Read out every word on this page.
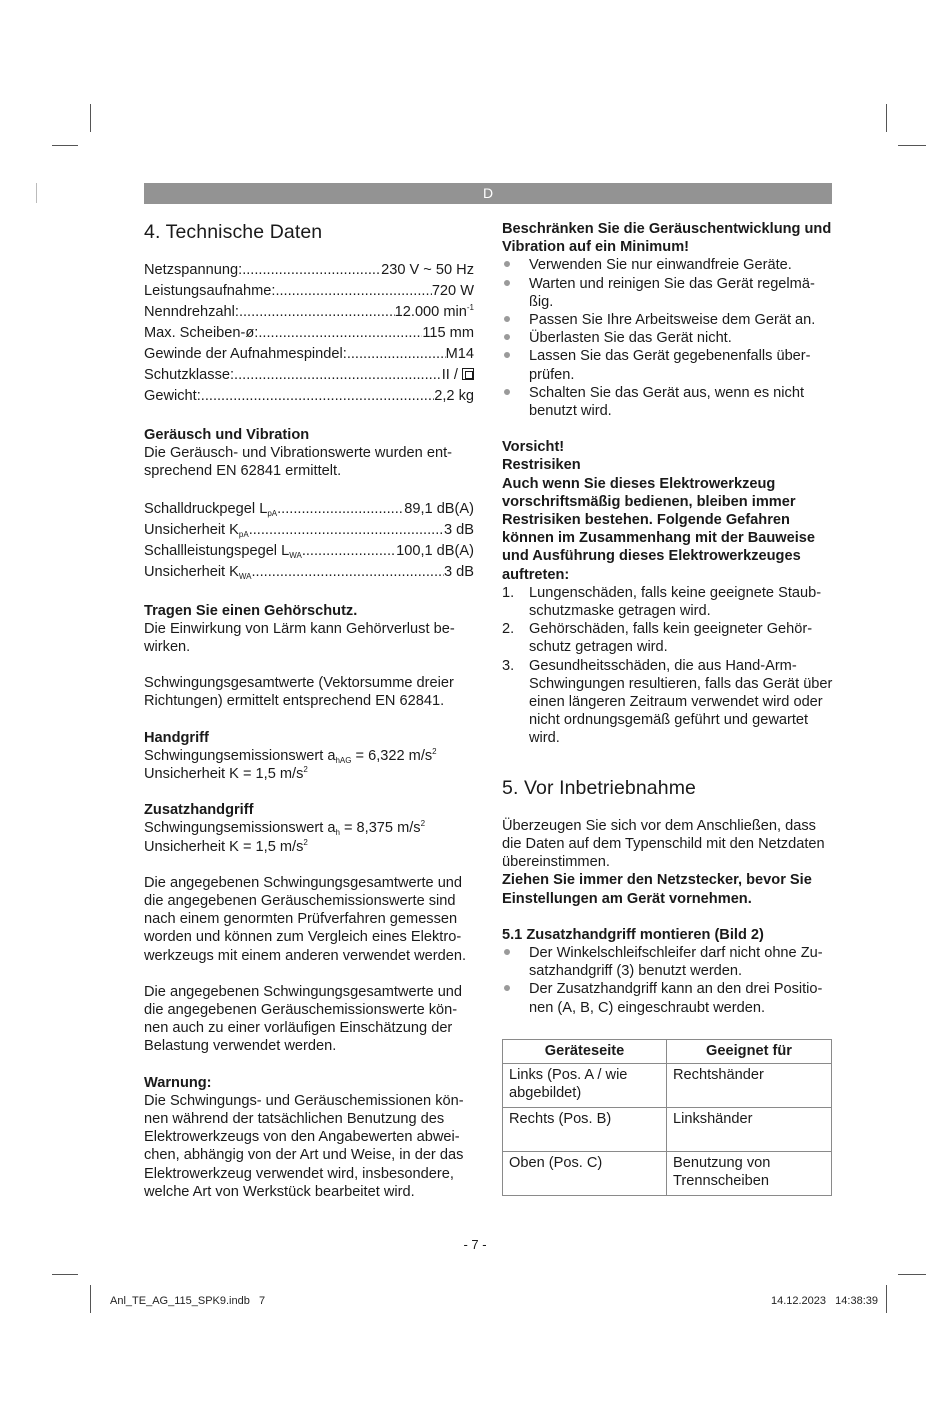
D
4. Technische Daten
Netzspannung: .....	230 V ~ 50 Hz
Leistungsaufnahme: .....	720 W
Nenndrehzahl: .....	12.000 $\min^{-1}$
Max. Scheiben-ø: .....	115 mm
Gewinde der Aufnahmespindel: .....	M14
Schutzklasse: .....	II /
Gewicht: .....	2,2 kg
Geräusch und Vibration
Die Geräusch- und Vibrationswerte wurden entsprechend EN 62841 ermittelt.
Schalldruckpegel $L_{pA}$ .....	89,1 dB(A)
Unsicherheit $K_{pA}$ .....	3 dB
Schallleistungspegel $L_{WA}$ .....	100,1 dB(A)
Unsicherheit $K_{WA}$ .....	3 dB
Tragen Sie einen Gehörschutz.
Die Einwirkung von Lärm kann Gehörverlust bewirken.
Schwingungsgesamtwerte (Vektorsumme dreier Richtungen) ermittelt entsprechend EN 62841.
Handgriff
Schwingungsemissionswert $a_{hAG} = 6,322$ $m/s^2$
Unsicherheit K = 1,5 $m/s^2$
Zusatzhandgriff
Schwingungsemissionswert $a_h = 8,375$ $m/s^2$
Unsicherheit K = 1,5 $m/s^2$
Die angegebenen Schwingungsgesamtwerte und die angegebenen Geräuschemissionswerte sind nach einem genormten Prüfverfahren gemessen worden und können zum Vergleich eines Elektrowerkzeugs mit einem anderen verwendet werden.
Die angegebenen Schwingungsgesamtwerte und die angegebenen Geräuschemissionswerte können auch zu einer vorläufigen Einschätzung der Belastung verwendet werden.
Warnung:
Die Schwingungs- und Geräuschemissionen können während der tatsächlichen Benutzung des Elektrowerkzeugs von den Angabewerten abweichen, abhängig von der Art und Weise, in der das Elektrowerkzeug verwendet wird, insbesondere, welche Art von Werkstück bearbeitet wird.
Beschränken Sie die Geräuschentwicklung und Vibration auf ein Minimum!
Verwenden Sie nur einwandfreie Geräte.
Warten und reinigen Sie das Gerät regelmäßig.
Passen Sie Ihre Arbeitsweise dem Gerät an.
Überlasten Sie das Gerät nicht.
Lassen Sie das Gerät gegebenenfalls überprüfen.
Schalten Sie das Gerät aus, wenn es nicht benutzt wird.
Vorsicht!
Restrisiken
Auch wenn Sie dieses Elektrowerkzeug vorschriftsmäßig bedienen, bleiben immer Restrisiken bestehen. Folgende Gefahren können im Zusammenhang mit der Bauweise und Ausführung dieses Elektrowerkzeuges auftreten:
1. Lungenschäden, falls keine geeignete Staubschutzmaske getragen wird.
2. Gehörschäden, falls kein geeigneter Gehörschutz getragen wird.
3. Gesundheitsschäden, die aus Hand-Arm-Schwingungen resultieren, falls das Gerät über einen längeren Zeitraum verwendet wird oder nicht ordnungsgemäß geführt und gewartet wird.
5. Vor Inbetriebnahme
Überzeugen Sie sich vor dem Anschließen, dass die Daten auf dem Typenschild mit den Netzdaten übereinstimmen.
Ziehen Sie immer den Netzstecker, bevor Sie Einstellungen am Gerät vornehmen.
5.1 Zusatzhandgriff montieren (Bild 2)
Der Winkelschleifschleifer darf nicht ohne Zusatzhandgriff (3) benutzt werden.
Der Zusatzhandgriff kann an den drei Positionen (A, B, C) eingeschraubt werden.
Geräteseite	Geeignet für
Links (Pos. A / wie abgebildet)	Rechtshänder
Rechts (Pos. B)	Linkshänder
Oben (Pos. C)	Benutzung von Trennscheiben
- 7 -
Anl_TE_AG_115_SPK9.indb   7	14.12.2023   14:38:39
